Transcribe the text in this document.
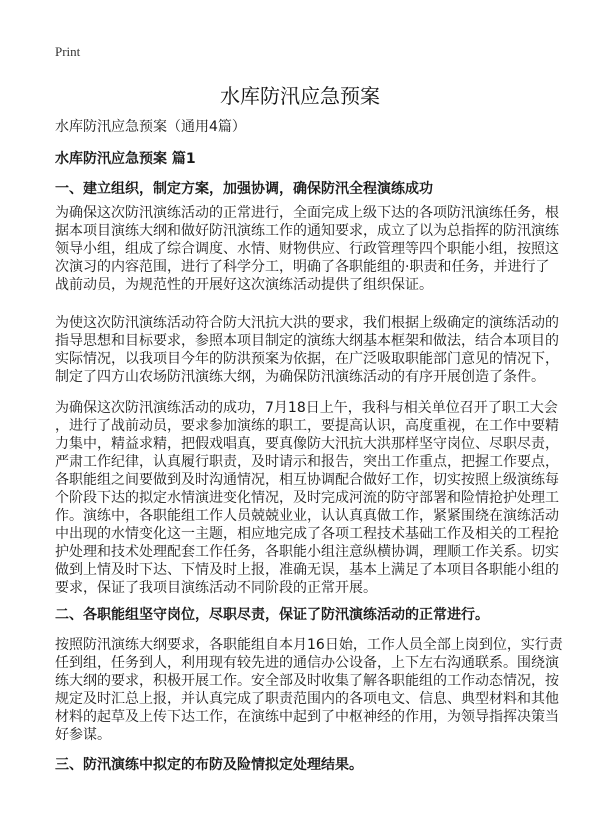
Print
水库防汛应急预案
水库防汛应急预案（通用4篇）
水库防汛应急预案 篇1
一、建立组织，制定方案，加强协调，确保防汛全程演练成功
为确保这次防汛演练活动的正常进行，全面完成上级下达的各项防汛演练任务，根
据本项目演练大纲和做好防汛演练工作的通知要求，成立了以为总指挥的防汛演练
领导小组，组成了综合调度、水情、财物供应、行政管理等四个职能小组，按照这
次演习的内容范围，进行了科学分工，明确了各职能组的·职责和任务，并进行了
战前动员，为规范性的开展好这次演练活动提供了组织保证。
为使这次防汛演练活动符合防大汛抗大洪的要求，我们根据上级确定的演练活动的
指导思想和目标要求，参照本项目制定的演练大纲基本框架和做法，结合本项目的
实际情况，以我项目今年的防洪预案为依据，在广泛吸取职能部门意见的情况下，
制定了四方山农场防汛演练大纲，为确保防汛演练活动的有序开展创造了条件。
为确保这次防汛演练活动的成功，7月18日上午，我科与相关单位召开了职工大会
，进行了战前动员，要求参加演练的职工，要提高认识，高度重视，在工作中要精
力集中，精益求精，把假戏唱真，要真像防大汛抗大洪那样坚守岗位、尽职尽责，
严肃工作纪律，认真履行职责，及时请示和报告，突出工作重点，把握工作要点，
各职能组之间要做到及时沟通情况，相互协调配合做好工作，切实按照上级演练每
个阶段下达的拟定水情演进变化情况，及时完成河流的防守部署和险情抢护处理工
作。演练中，各职能组工作人员兢兢业业，认认真真做工作，紧紧围绕在演练活动
中出现的水情变化这一主题，相应地完成了各项工程技术基础工作及相关的工程抢
护处理和技术处理配套工作任务，各职能小组注意纵横协调，理顺工作关系。切实
做到上情及时下达、下情及时上报，准确无误，基本上满足了本项目各职能小组的
要求，保证了我项目演练活动不同阶段的正常开展。
二、各职能组坚守岗位，尽职尽责，保证了防汛演练活动的正常进行。
按照防汛演练大纲要求，各职能组自本月16日始，工作人员全部上岗到位，实行责
任到组，任务到人，利用现有较先进的通信办公设备，上下左右沟通联系。围绕演
练大纲的要求，积极开展工作。安全部及时收集了解各职能组的工作动态情况，按
规定及时汇总上报，并认真完成了职责范围内的各项电文、信息、典型材料和其他
材料的起草及上传下达工作，在演练中起到了中枢神经的作用，为领导指挥决策当
好参谋。
三、防汛演练中拟定的布防及险情拟定处理结果。
